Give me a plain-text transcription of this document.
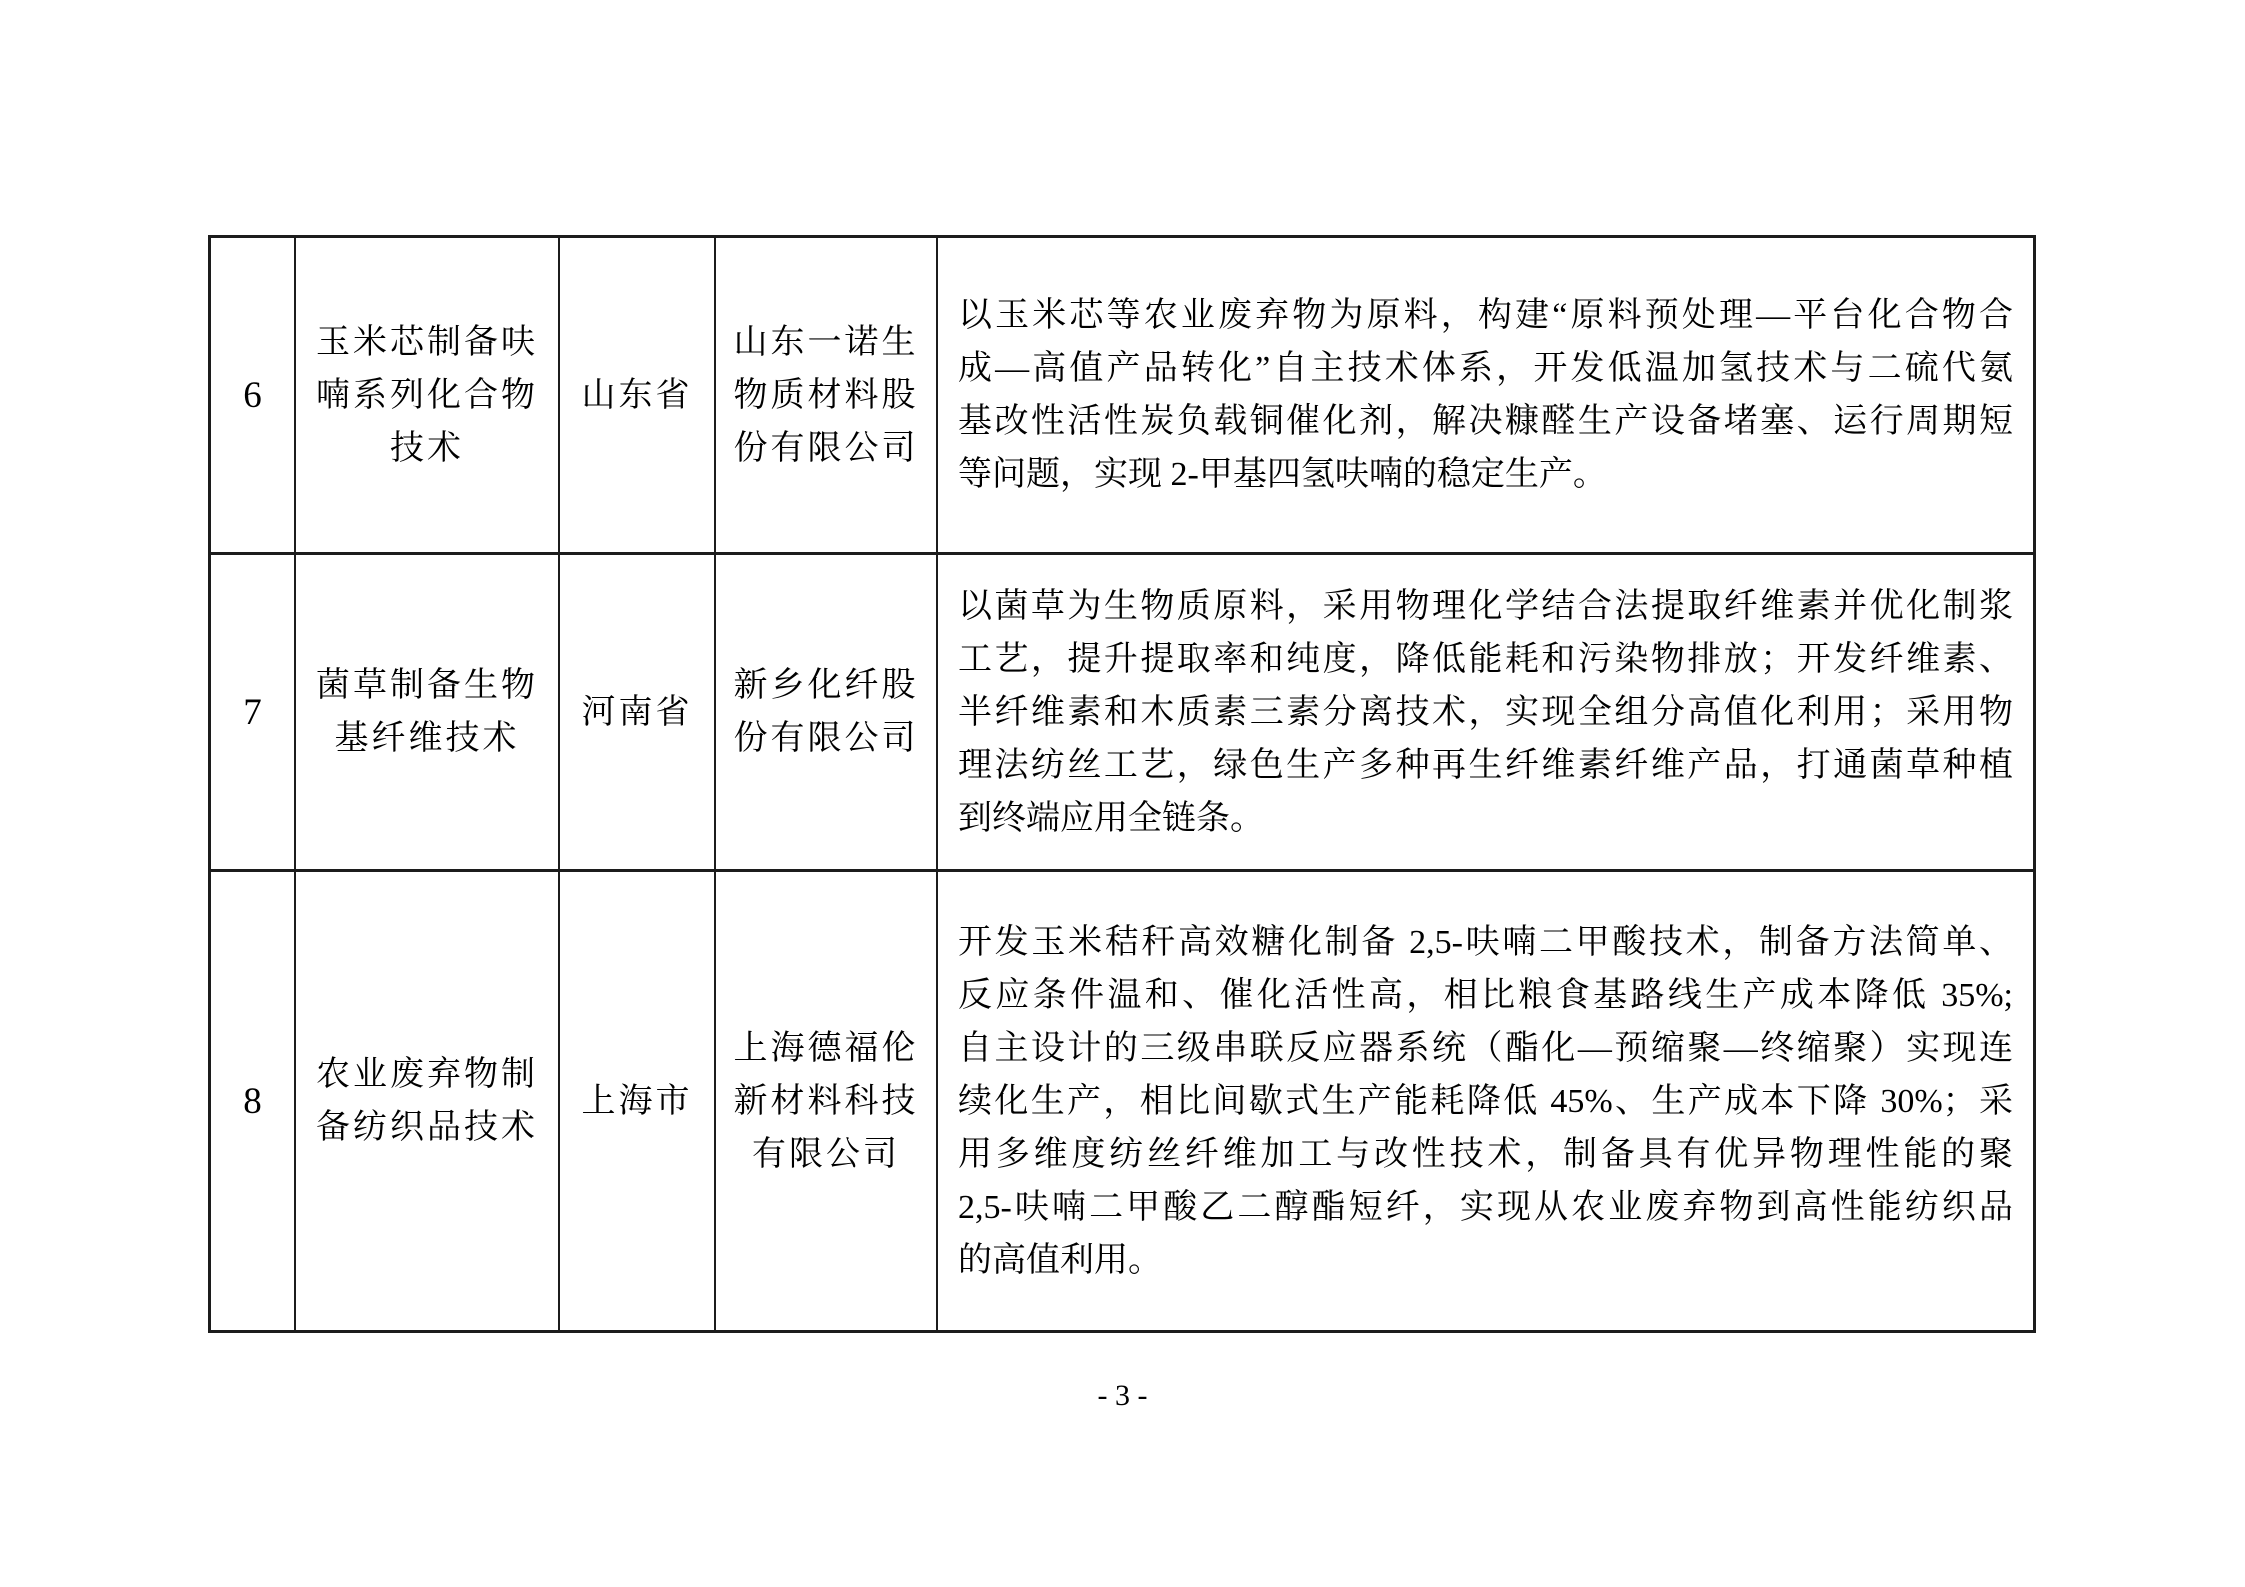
6
玉米芯制备呋喃系列化合物技术
山东省
山东一诺生物质材料股份有限公司
以玉米芯等农业废弃物为原料，构建“原料预处理—平台化合物合
成—高值产品转化”自主技术体系，开发低温加氢技术与二硫代氨
基改性活性炭负载铜催化剂，解决糠醛生产设备堵塞、运行周期短
等问题，实现 2-甲基四氢呋喃的稳定生产。
7
菌草制备生物基纤维技术
河南省
新乡化纤股份有限公司
以菌草为生物质原料，采用物理化学结合法提取纤维素并优化制浆
工艺，提升提取率和纯度，降低能耗和污染物排放；开发纤维素、
半纤维素和木质素三素分离技术，实现全组分高值化利用；采用物
理法纺丝工艺，绿色生产多种再生纤维素纤维产品，打通菌草种植
到终端应用全链条。
8
农业废弃物制备纺织品技术
上海市
上海德福伦新材料科技有限公司
开发玉米秸秆高效糖化制备 2,5-呋喃二甲酸技术，制备方法简单、
反应条件温和、催化活性高，相比粮食基路线生产成本降低 35%;
自主设计的三级串联反应器系统（酯化—预缩聚—终缩聚）实现连
续化生产，相比间歇式生产能耗降低 45%、生产成本下降 30%；采
用多维度纺丝纤维加工与改性技术，制备具有优异物理性能的聚
2,5-呋喃二甲酸乙二醇酯短纤，实现从农业废弃物到高性能纺织品
的高值利用。
- 3 -
